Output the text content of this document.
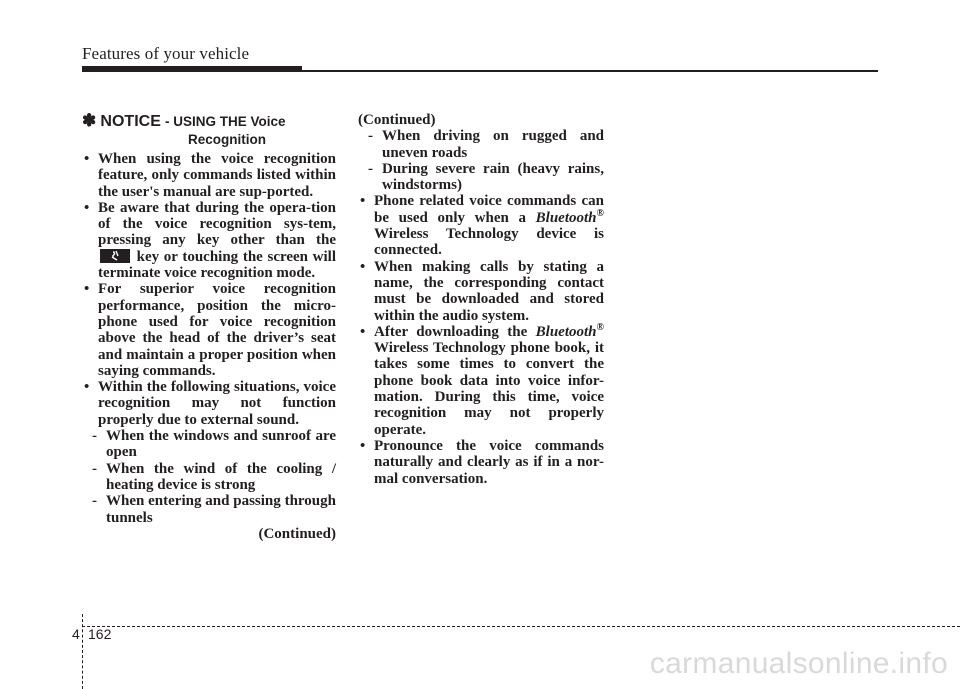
Features of your vehicle
✽ NOTICE - USING THE Voice
Recognition
• When using the voice recognition feature, only commands listed within the user's manual are sup-ported.
• Be aware that during the opera-tion of the voice recognition sys-tem, pressing any key other than the
key or touching the screen will terminate voice recognition mode.
• For superior voice recognition performance, position the micro-phone used for voice recognition above the head of the driver’s seat and maintain a proper position when saying commands.
• Within the following situations, voice recognition may not function properly due to external sound.
- When the windows and sunroof are open
- When the wind of the cooling / heating device is strong
- When entering and passing through tunnels
(Continued)
(Continued)
- When driving on rugged and uneven roads
- During severe rain (heavy rains, windstorms)
• Phone related voice commands can be used only when a Bluetooth® Wireless Technology device is connected.
• When making calls by stating a name, the corresponding contact must be downloaded and stored within the audio system.
• After downloading the Bluetooth® Wireless Technology phone book, it takes some times to convert the phone book data into voice infor-mation. During this time, voice recognition may not properly operate.
• Pronounce the voice commands naturally and clearly as if in a nor-mal conversation.
4 162
carmanualsonline.info
